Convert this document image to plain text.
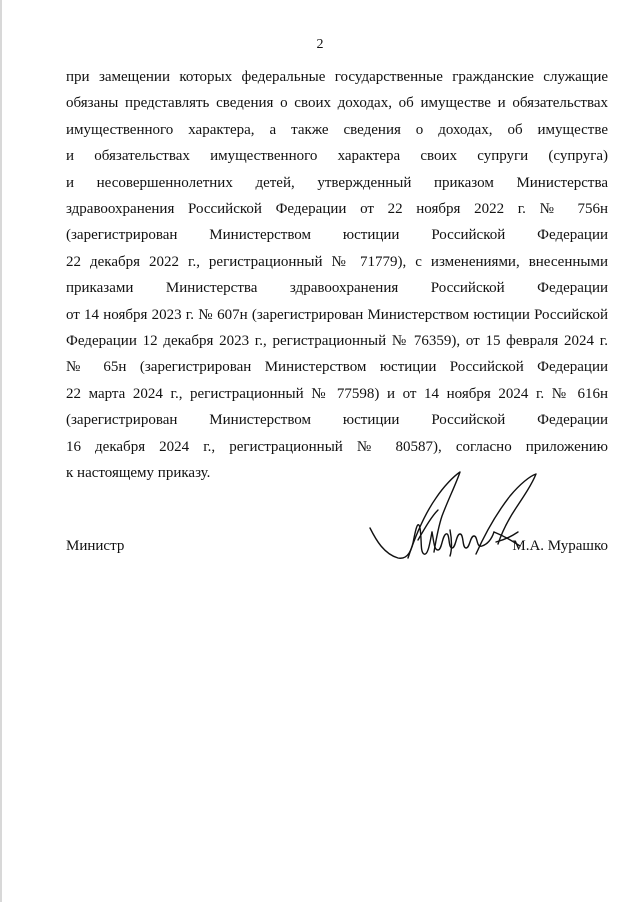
2
при замещении которых федеральные государственные гражданские служащие
обязаны представлять сведения о своих доходах, об имуществе и обязательствах
имущественного характера, а также сведения о доходах, об имуществе
и обязательствах имущественного характера своих супруги (супруга)
и несовершеннолетних детей, утвержденный приказом Министерства
здравоохранения Российской Федерации от 22 ноября 2022 г. № 756н
(зарегистрирован Министерством юстиции Российской Федерации
22 декабря 2022 г., регистрационный № 71779), с изменениями, внесенными
приказами Министерства здравоохранения Российской Федерации
от 14 ноября 2023 г. № 607н (зарегистрирован Министерством юстиции Российской
Федерации 12 декабря 2023 г., регистрационный № 76359), от 15 февраля 2024 г.
№ 65н (зарегистрирован Министерством юстиции Российской Федерации
22 марта 2024 г., регистрационный № 77598) и от 14 ноября 2024 г. № 616н
(зарегистрирован Министерством юстиции Российской Федерации
16 декабря 2024 г., регистрационный № 80587), согласно приложению
к настоящему приказу.
Министр	М.А. Мурашко
